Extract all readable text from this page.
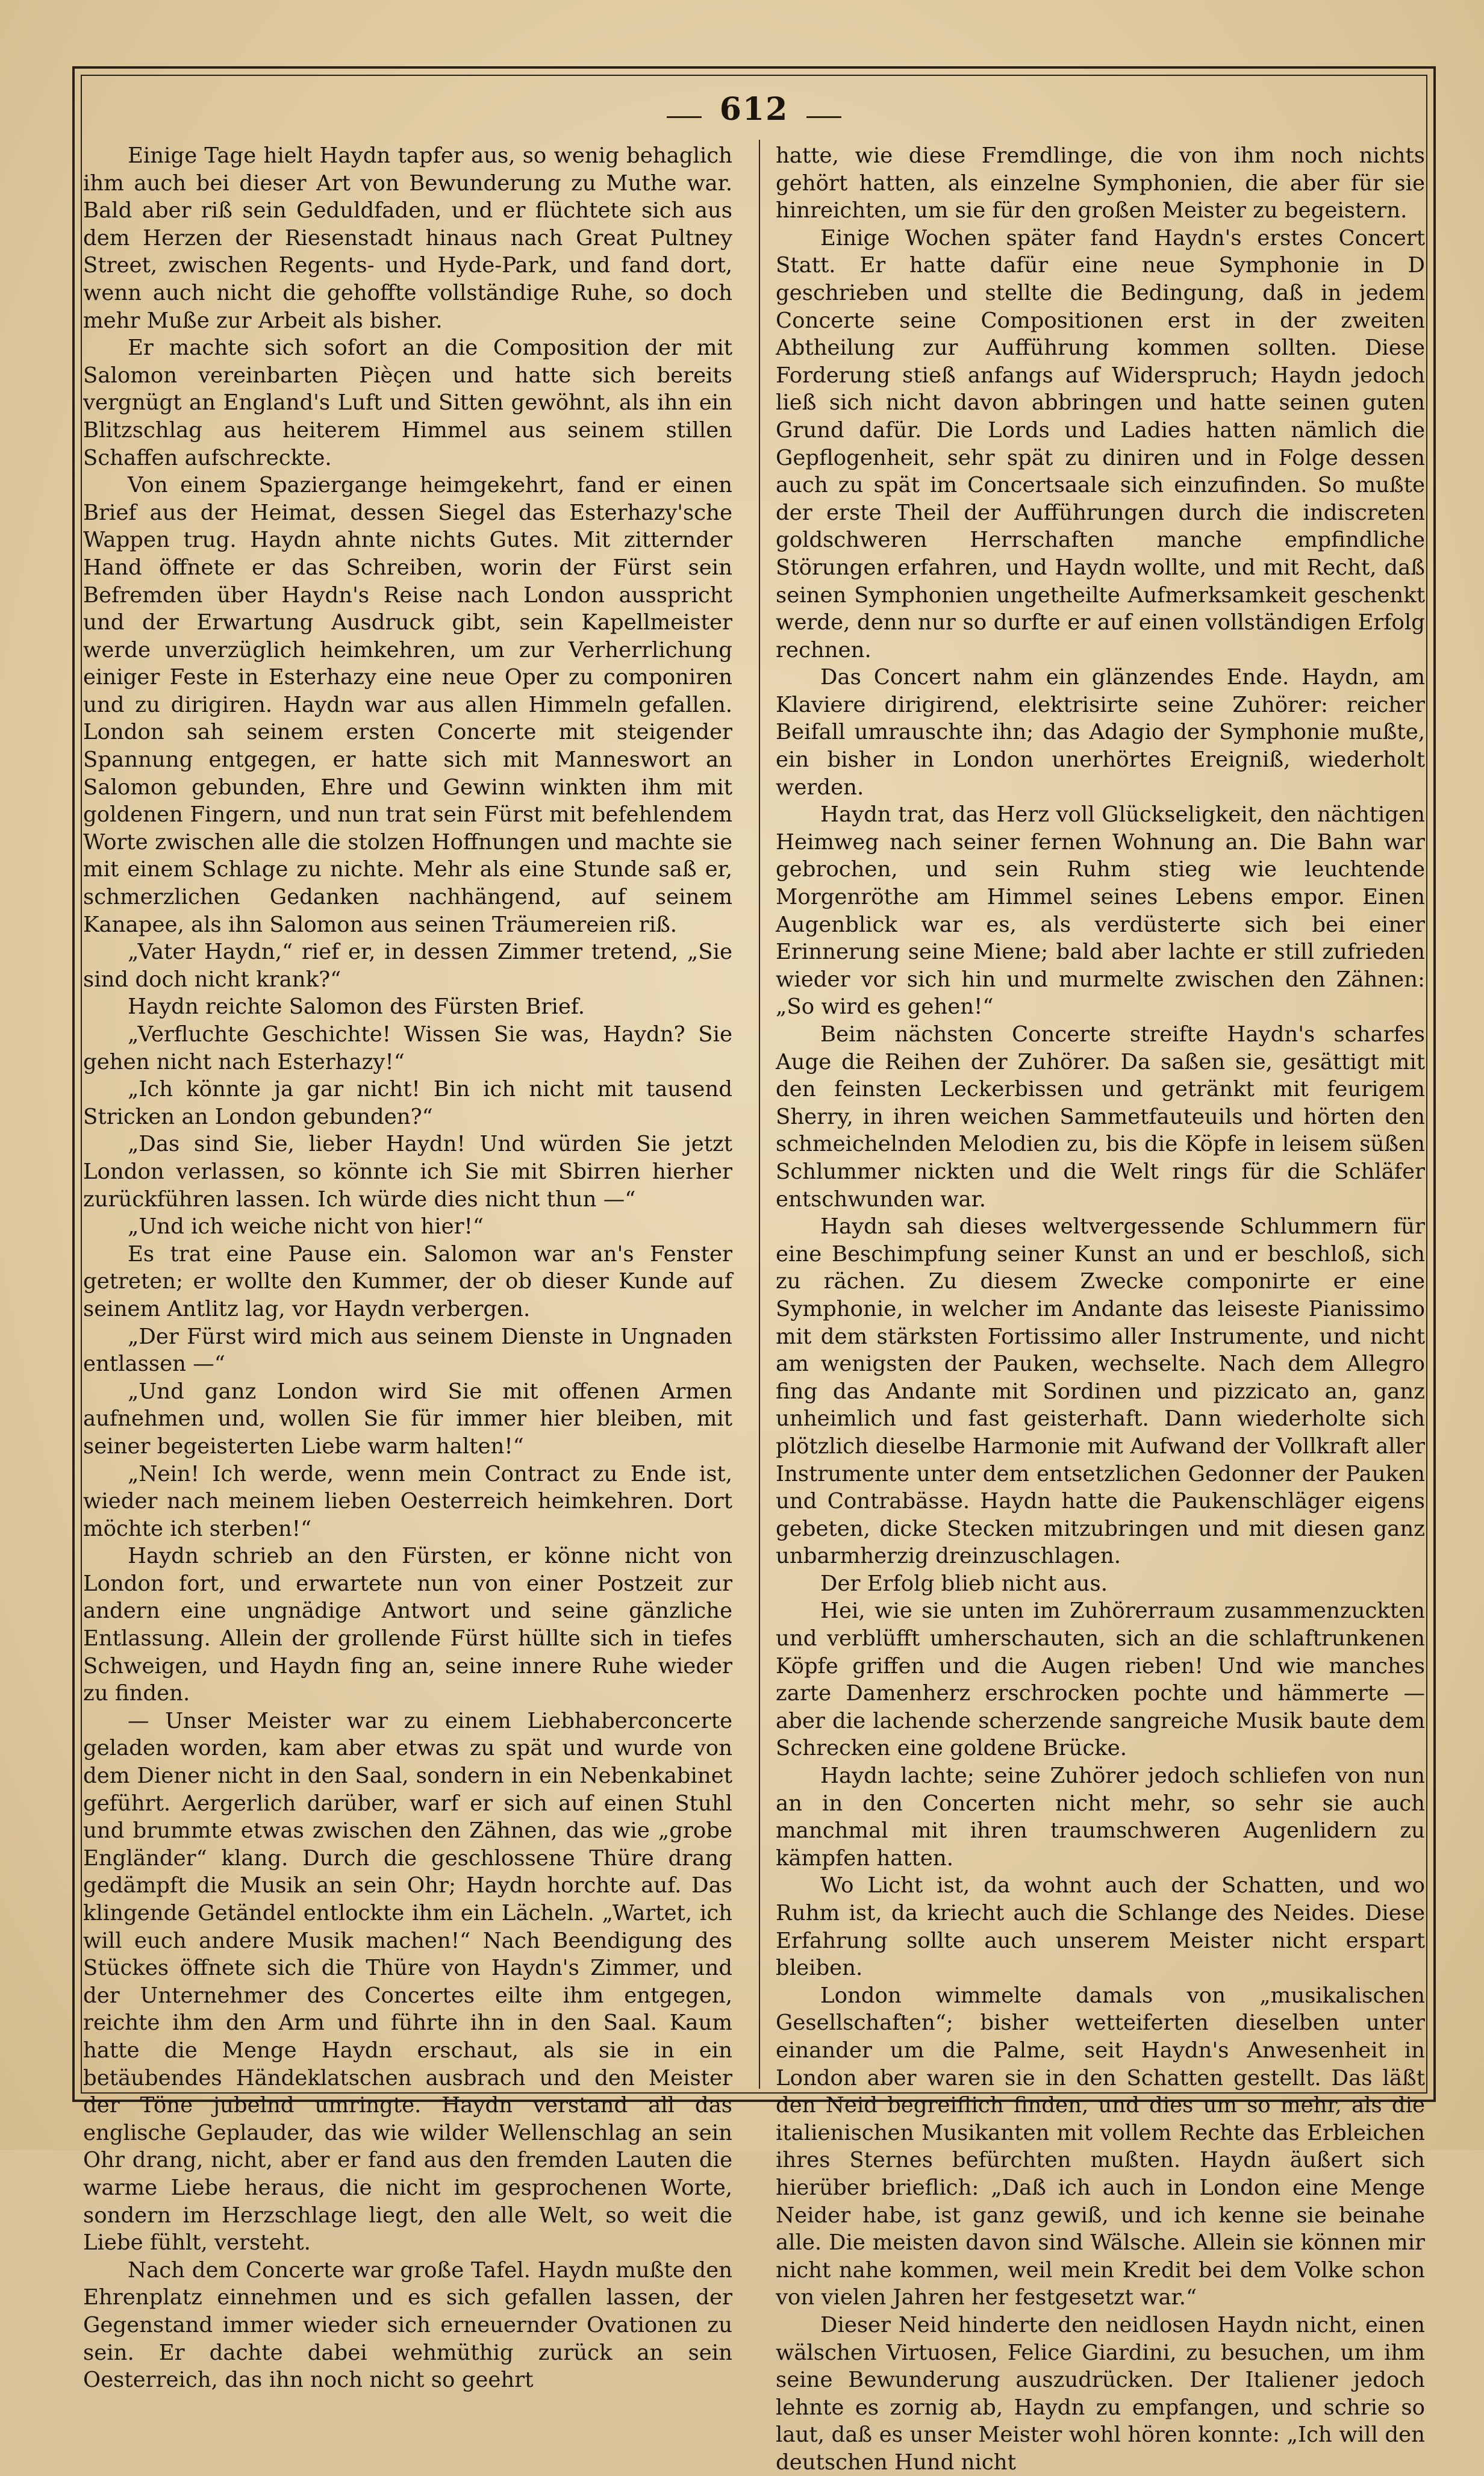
612

Einige Tage hielt Haydn tapfer aus, so wenig behaglich ihm auch bei dieser Art von Bewunderung zu Muthe war. Bald aber riß sein Geduldfaden, und er flüchtete sich aus dem Herzen der Riesenstadt hinaus nach Great Pultney Street, zwischen Regents- und Hyde-Park, und fand dort, wenn auch nicht die gehoffte vollständige Ruhe, so doch mehr Muße zur Arbeit als bisher.

Er machte sich sofort an die Composition der mit Salomon vereinbarten Pièçen und hatte sich bereits vergnügt an England's Luft und Sitten gewöhnt, als ihn ein Blitzschlag aus heiterem Himmel aus seinem stillen Schaffen aufschreckte.

Von einem Spaziergange heimgekehrt, fand er einen Brief aus der Heimat, dessen Siegel das Esterhazy'sche Wappen trug. Haydn ahnte nichts Gutes. Mit zitternder Hand öffnete er das Schreiben, worin der Fürst sein Befremden über Haydn's Reise nach London ausspricht und der Erwartung Ausdruck gibt, sein Kapellmeister werde unverzüglich heimkehren, um zur Verherrlichung einiger Feste in Esterhazy eine neue Oper zu componiren und zu dirigiren. Haydn war aus allen Himmeln gefallen. London sah seinem ersten Concerte mit steigender Spannung entgegen, er hatte sich mit Manneswort an Salomon gebunden, Ehre und Gewinn winkten ihm mit goldenen Fingern, und nun trat sein Fürst mit befehlendem Worte zwischen alle die stolzen Hoffnungen und machte sie mit einem Schlage zu nichte. Mehr als eine Stunde saß er, schmerzlichen Gedanken nachhängend, auf seinem Kanapee, als ihn Salomon aus seinen Träumereien riß.

„Vater Haydn,“ rief er, in dessen Zimmer tretend, „Sie sind doch nicht krank?“

Haydn reichte Salomon des Fürsten Brief.

„Verfluchte Geschichte! Wissen Sie was, Haydn? Sie gehen nicht nach Esterhazy!“

„Ich könnte ja gar nicht! Bin ich nicht mit tausend Stricken an London gebunden?“

„Das sind Sie, lieber Haydn! Und würden Sie jetzt London verlassen, so könnte ich Sie mit Sbirren hierher zurückführen lassen. Ich würde dies nicht thun —“

„Und ich weiche nicht von hier!“

Es trat eine Pause ein. Salomon war an's Fenster getreten; er wollte den Kummer, der ob dieser Kunde auf seinem Antlitz lag, vor Haydn verbergen.

„Der Fürst wird mich aus seinem Dienste in Ungnaden entlassen —“

„Und ganz London wird Sie mit offenen Armen aufnehmen und, wollen Sie für immer hier bleiben, mit seiner begeisterten Liebe warm halten!“

„Nein! Ich werde, wenn mein Contract zu Ende ist, wieder nach meinem lieben Oesterreich heimkehren. Dort möchte ich sterben!“

Haydn schrieb an den Fürsten, er könne nicht von London fort, und erwartete nun von einer Postzeit zur andern eine ungnädige Antwort und seine gänzliche Entlassung. Allein der grollende Fürst hüllte sich in tiefes Schweigen, und Haydn fing an, seine innere Ruhe wieder zu finden.

— Unser Meister war zu einem Liebhaberconcerte geladen worden, kam aber etwas zu spät und wurde von dem Diener nicht in den Saal, sondern in ein Nebenkabinet geführt. Aergerlich darüber, warf er sich auf einen Stuhl und brummte etwas zwischen den Zähnen, das wie „grobe Engländer“ klang. Durch die geschlossene Thüre drang gedämpft die Musik an sein Ohr; Haydn horchte auf. Das klingende Getändel entlockte ihm ein Lächeln. „Wartet, ich will euch andere Musik machen!“ Nach Beendigung des Stückes öffnete sich die Thüre von Haydn's Zimmer, und der Unternehmer des Concertes eilte ihm entgegen, reichte ihm den Arm und führte ihn in den Saal. Kaum hatte die Menge Haydn erschaut, als sie in ein betäubendes Händeklatschen ausbrach und den Meister der Töne jubelnd umringte. Haydn verstand all das englische Geplauder, das wie wilder Wellenschlag an sein Ohr drang, nicht, aber er fand aus den fremden Lauten die warme Liebe heraus, die nicht im gesprochenen Worte, sondern im Herzschlage liegt, den alle Welt, so weit die Liebe fühlt, versteht.

Nach dem Concerte war große Tafel. Haydn mußte den Ehrenplatz einnehmen und es sich gefallen lassen, der Gegenstand immer wieder sich erneuernder Ovationen zu sein. Er dachte dabei wehmüthig zurück an sein Oesterreich, das ihn noch nicht so geehrt

hatte, wie diese Fremdlinge, die von ihm noch nichts gehört hatten, als einzelne Symphonien, die aber für sie hinreichten, um sie für den großen Meister zu begeistern.

Einige Wochen später fand Haydn's erstes Concert Statt. Er hatte dafür eine neue Symphonie in D geschrieben und stellte die Bedingung, daß in jedem Concerte seine Compositionen erst in der zweiten Abtheilung zur Aufführung kommen sollten. Diese Forderung stieß anfangs auf Widerspruch; Haydn jedoch ließ sich nicht davon abbringen und hatte seinen guten Grund dafür. Die Lords und Ladies hatten nämlich die Gepflogenheit, sehr spät zu diniren und in Folge dessen auch zu spät im Concertsaale sich einzufinden. So mußte der erste Theil der Aufführungen durch die indiscreten goldschweren Herrschaften manche empfindliche Störungen erfahren, und Haydn wollte, und mit Recht, daß seinen Symphonien ungetheilte Aufmerksamkeit geschenkt werde, denn nur so durfte er auf einen vollständigen Erfolg rechnen.

Das Concert nahm ein glänzendes Ende. Haydn, am Klaviere dirigirend, elektrisirte seine Zuhörer: reicher Beifall umrauschte ihn; das Adagio der Symphonie mußte, ein bisher in London unerhörtes Ereigniß, wiederholt werden.

Haydn trat, das Herz voll Glückseligkeit, den nächtigen Heimweg nach seiner fernen Wohnung an. Die Bahn war gebrochen, und sein Ruhm stieg wie leuchtende Morgenröthe am Himmel seines Lebens empor. Einen Augenblick war es, als verdüsterte sich bei einer Erinnerung seine Miene; bald aber lachte er still zufrieden wieder vor sich hin und murmelte zwischen den Zähnen: „So wird es gehen!“

Beim nächsten Concerte streifte Haydn's scharfes Auge die Reihen der Zuhörer. Da saßen sie, gesättigt mit den feinsten Leckerbissen und getränkt mit feurigem Sherry, in ihren weichen Sammetfauteuils und hörten den schmeichelnden Melodien zu, bis die Köpfe in leisem süßen Schlummer nickten und die Welt rings für die Schläfer entschwunden war.

Haydn sah dieses weltvergessende Schlummern für eine Beschimpfung seiner Kunst an und er beschloß, sich zu rächen. Zu diesem Zwecke componirte er eine Symphonie, in welcher im Andante das leiseste Pianissimo mit dem stärksten Fortissimo aller Instrumente, und nicht am wenigsten der Pauken, wechselte. Nach dem Allegro fing das Andante mit Sordinen und pizzicato an, ganz unheimlich und fast geisterhaft. Dann wiederholte sich plötzlich dieselbe Harmonie mit Aufwand der Vollkraft aller Instrumente unter dem entsetzlichen Gedonner der Pauken und Contrabässe. Haydn hatte die Paukenschläger eigens gebeten, dicke Stecken mitzubringen und mit diesen ganz unbarmherzig dreinzuschlagen.

Der Erfolg blieb nicht aus.

Hei, wie sie unten im Zuhörerraum zusammenzuckten und verblüfft umherschauten, sich an die schlaftrunkenen Köpfe griffen und die Augen rieben! Und wie manches zarte Damenherz erschrocken pochte und hämmerte — aber die lachende scherzende sangreiche Musik baute dem Schrecken eine goldene Brücke.

Haydn lachte; seine Zuhörer jedoch schliefen von nun an in den Concerten nicht mehr, so sehr sie auch manchmal mit ihren traumschweren Augenlidern zu kämpfen hatten.

Wo Licht ist, da wohnt auch der Schatten, und wo Ruhm ist, da kriecht auch die Schlange des Neides. Diese Erfahrung sollte auch unserem Meister nicht erspart bleiben.

London wimmelte damals von „musikalischen Gesellschaften“; bisher wetteiferten dieselben unter einander um die Palme, seit Haydn's Anwesenheit in London aber waren sie in den Schatten gestellt. Das läßt den Neid begreiflich finden, und dies um so mehr, als die italienischen Musikanten mit vollem Rechte das Erbleichen ihres Sternes befürchten mußten. Haydn äußert sich hierüber brieflich: „Daß ich auch in London eine Menge Neider habe, ist ganz gewiß, und ich kenne sie beinahe alle. Die meisten davon sind Wälsche. Allein sie können mir nicht nahe kommen, weil mein Kredit bei dem Volke schon von vielen Jahren her festgesetzt war.“

Dieser Neid hinderte den neidlosen Haydn nicht, einen wälschen Virtuosen, Felice Giardini, zu besuchen, um ihm seine Bewunderung auszudrücken. Der Italiener jedoch lehnte es zornig ab, Haydn zu empfangen, und schrie so laut, daß es unser Meister wohl hören konnte: „Ich will den deutschen Hund nicht
